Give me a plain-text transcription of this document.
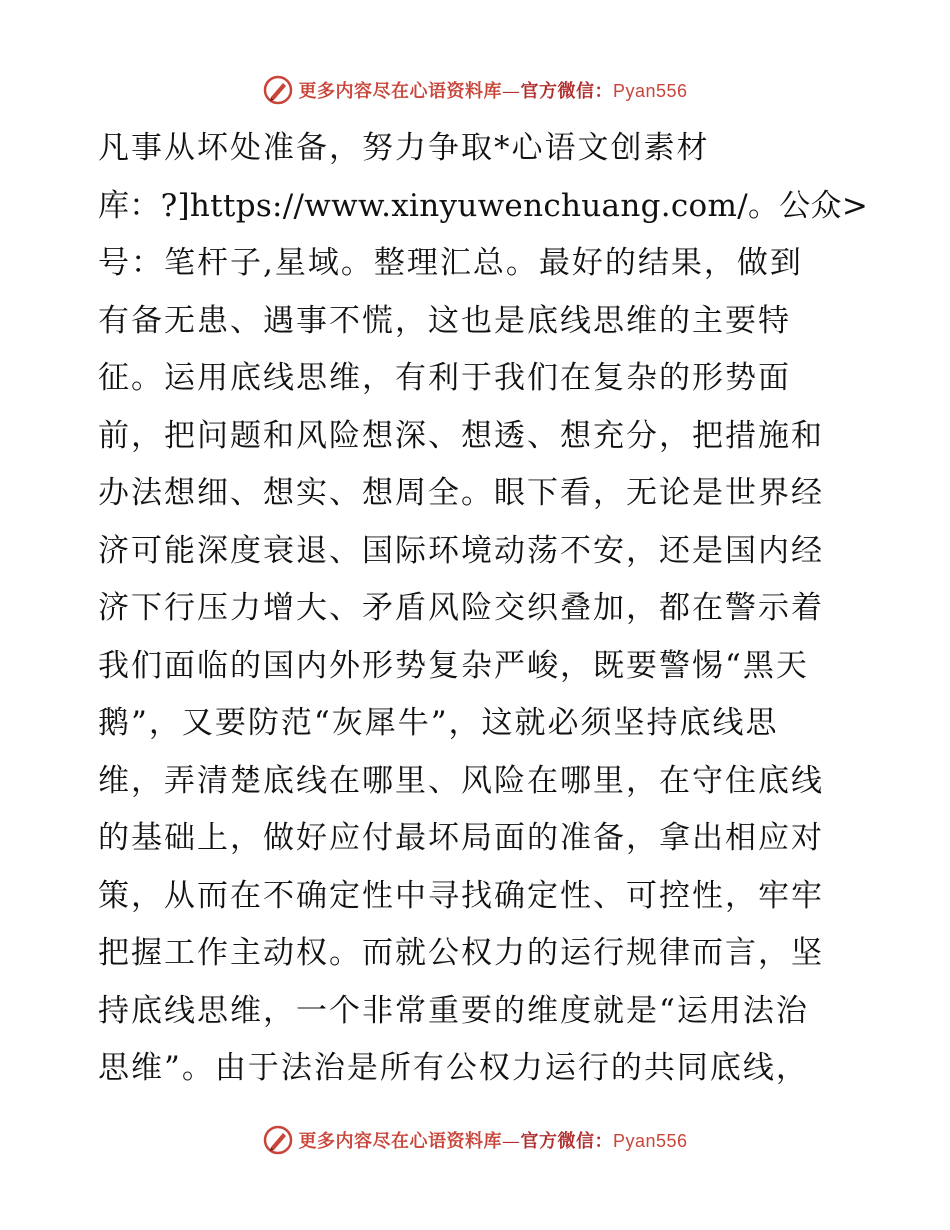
更多内容尽在心语资料库—官方微信：Pyan556
凡事从坏处准备，努力争取*心语文创素材
库：?]https://www.xinyuwenchuang.com/。公众>
号：笔杆子,星域。整理汇总。最好的结果，做到
有备无患、遇事不慌，这也是底线思维的主要特
征。运用底线思维，有利于我们在复杂的形势面
前，把问题和风险想深、想透、想充分，把措施和
办法想细、想实、想周全。眼下看，无论是世界经
济可能深度衰退、国际环境动荡不安，还是国内经
济下行压力增大、矛盾风险交织叠加，都在警示着
我们面临的国内外形势复杂严峻，既要警惕“黑天
鹅”，又要防范“灰犀牛”，这就必须坚持底线思
维，弄清楚底线在哪里、风险在哪里，在守住底线
的基础上，做好应付最坏局面的准备，拿出相应对
策，从而在不确定性中寻找确定性、可控性，牢牢
把握工作主动权。而就公权力的运行规律而言，坚
持底线思维，一个非常重要的维度就是“运用法治
思维”。由于法治是所有公权力运行的共同底线，
更多内容尽在心语资料库—官方微信：Pyan556
